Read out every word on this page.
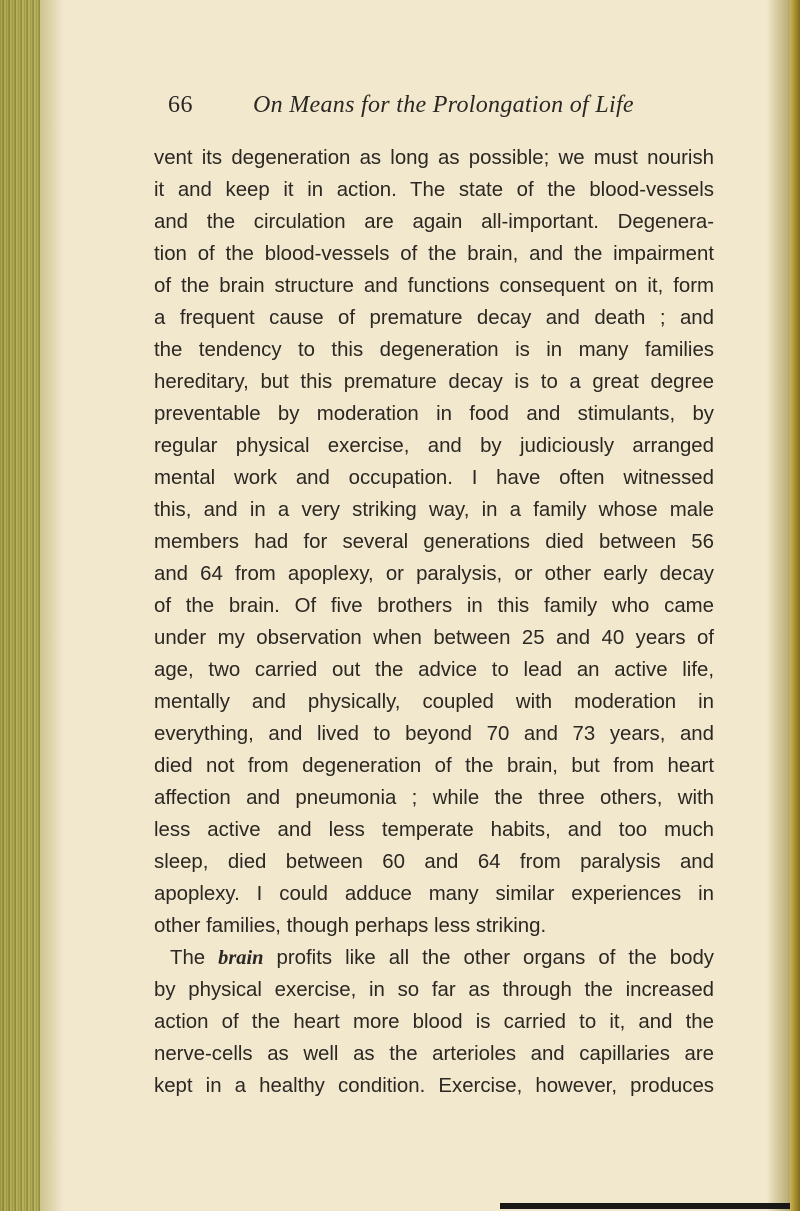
66	On Means for the Prolongation of Life
vent its degeneration as long as possible; we must nourish
it and keep it in action. The state of the blood-vessels
and the circulation are again all-important. Degenera-
tion of the blood-vessels of the brain, and the impairment
of the brain structure and functions consequent on it, form
a frequent cause of premature decay and death ; and
the tendency to this degeneration is in many families
hereditary, but this premature decay is to a great degree
preventable by moderation in food and stimulants, by
regular physical exercise, and by judiciously arranged
mental work and occupation. I have often witnessed
this, and in a very striking way, in a family whose male
members had for several generations died between 56
and 64 from apoplexy, or paralysis, or other early decay
of the brain. Of five brothers in this family who came
under my observation when between 25 and 40 years of
age, two carried out the advice to lead an active life,
mentally and physically, coupled with moderation in
everything, and lived to beyond 70 and 73 years, and
died not from degeneration of the brain, but from heart
affection and pneumonia ; while the three others, with
less active and less temperate habits, and too much
sleep, died between 60 and 64 from paralysis and
apoplexy. I could adduce many similar experiences in
other families, though perhaps less striking.
The brain profits like all the other organs of the body
by physical exercise, in so far as through the increased
action of the heart more blood is carried to it, and the
nerve-cells as well as the arterioles and capillaries are
kept in a healthy condition. Exercise, however, produces
